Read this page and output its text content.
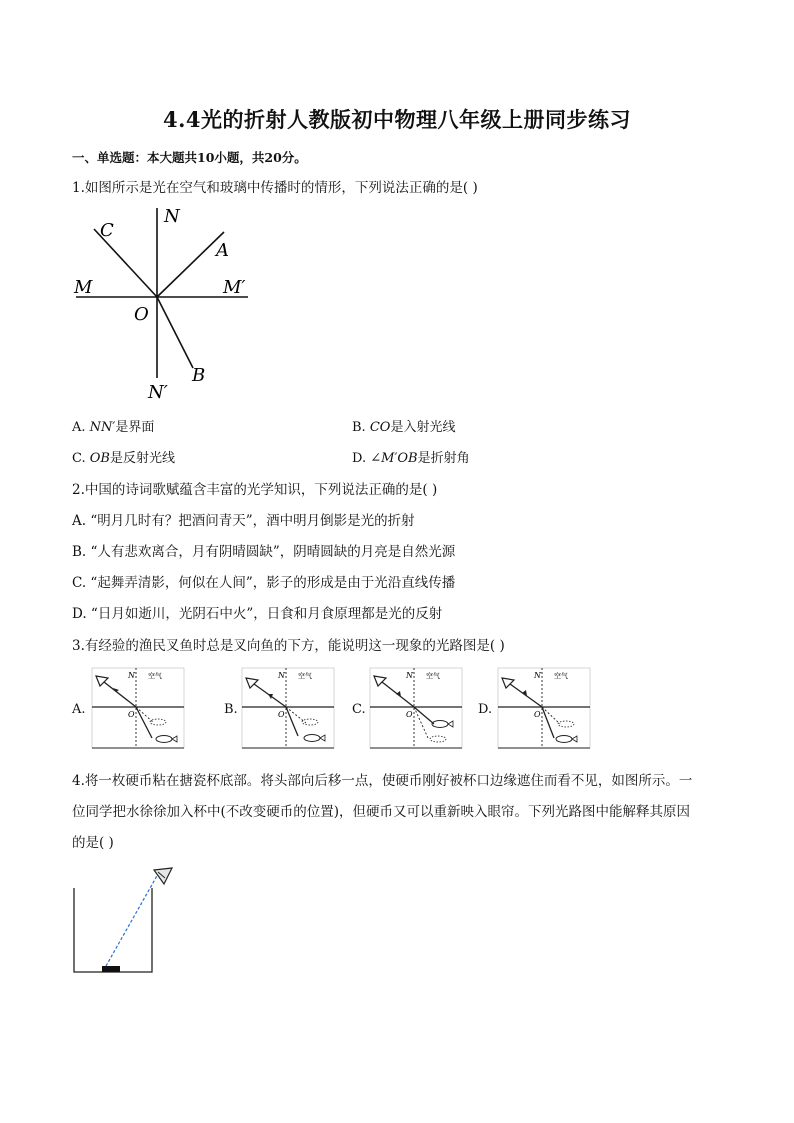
4.4光的折射人教版初中物理八年级上册同步练习
一、单选题：本大题共10小题，共20分。
1.如图所示是光在空气和玻璃中传播时的情形，下列说法正确的是( )
C
N
A
M	M′
O
N′
B
A. NN′是界面	B. CO是入射光线
C. OB是反射光线	D. ∠M′OB是折射角
2.中国的诗词歌赋蕴含丰富的光学知识，下列说法正确的是( )
A. “明月几时有？把酒问青天”，酒中明月倒影是光的折射
B. “人有悲欢离合，月有阴晴圆缺”，阴晴圆缺的月亮是自然光源
C. “起舞弄清影，何似在人间”，影子的形成是由于光沿直线传播
D. “日月如逝川，光阴石中火”，日食和月食原理都是光的反射
3.有经验的渔民叉鱼时总是叉向鱼的下方，能说明这一现象的光路图是( )
A.	B.	C.	D.
N 空气
O
N 空气
O
N 空气
O
N 空气
O
4.将一枚硬币粘在搪瓷杯底部。将头部向后移一点，使硬币刚好被杯口边缘遮住而看不见，如图所示。一
位同学把水徐徐加入杯中(不改变硬币的位置)，但硬币又可以重新映入眼帘。下列光路图中能解释其原因
的是( )
